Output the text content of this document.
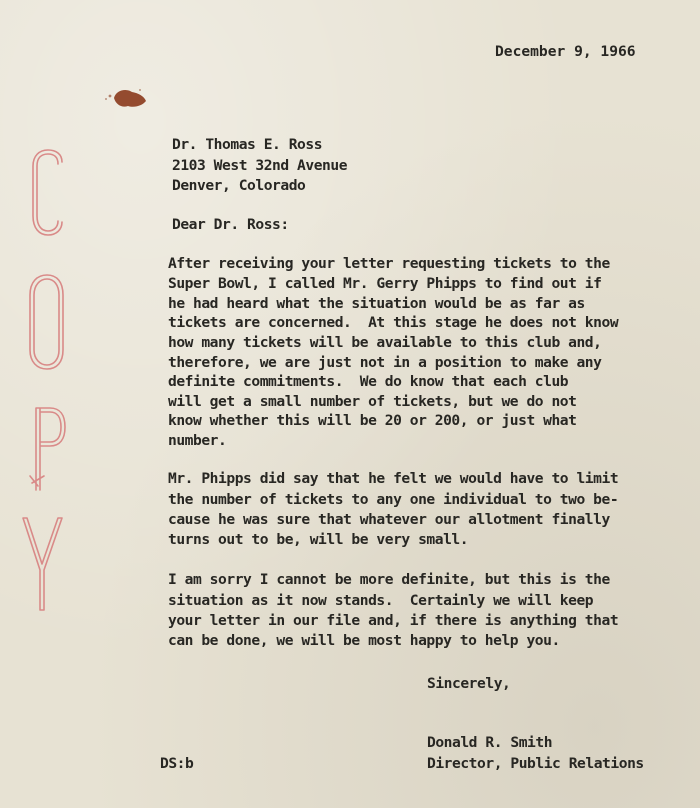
December 9, 1966
Dr. Thomas E. Ross
2103 West 32nd Avenue
Denver, Colorado
Dear Dr. Ross:
After receiving your letter requesting tickets to the
Super Bowl, I called Mr. Gerry Phipps to find out if
he had heard what the situation would be as far as
tickets are concerned.  At this stage he does not know
how many tickets will be available to this club and,
therefore, we are just not in a position to make any
definite commitments.  We do know that each club
will get a small number of tickets, but we do not
know whether this will be 20 or 200, or just what
number.
Mr. Phipps did say that he felt we would have to limit
the number of tickets to any one individual to two be-
cause he was sure that whatever our allotment finally
turns out to be, will be very small.
I am sorry I cannot be more definite, but this is the
situation as it now stands.  Certainly we will keep
your letter in our file and, if there is anything that
can be done, we will be most happy to help you.
Sincerely,
Donald R. Smith
Director, Public Relations
DS:b
